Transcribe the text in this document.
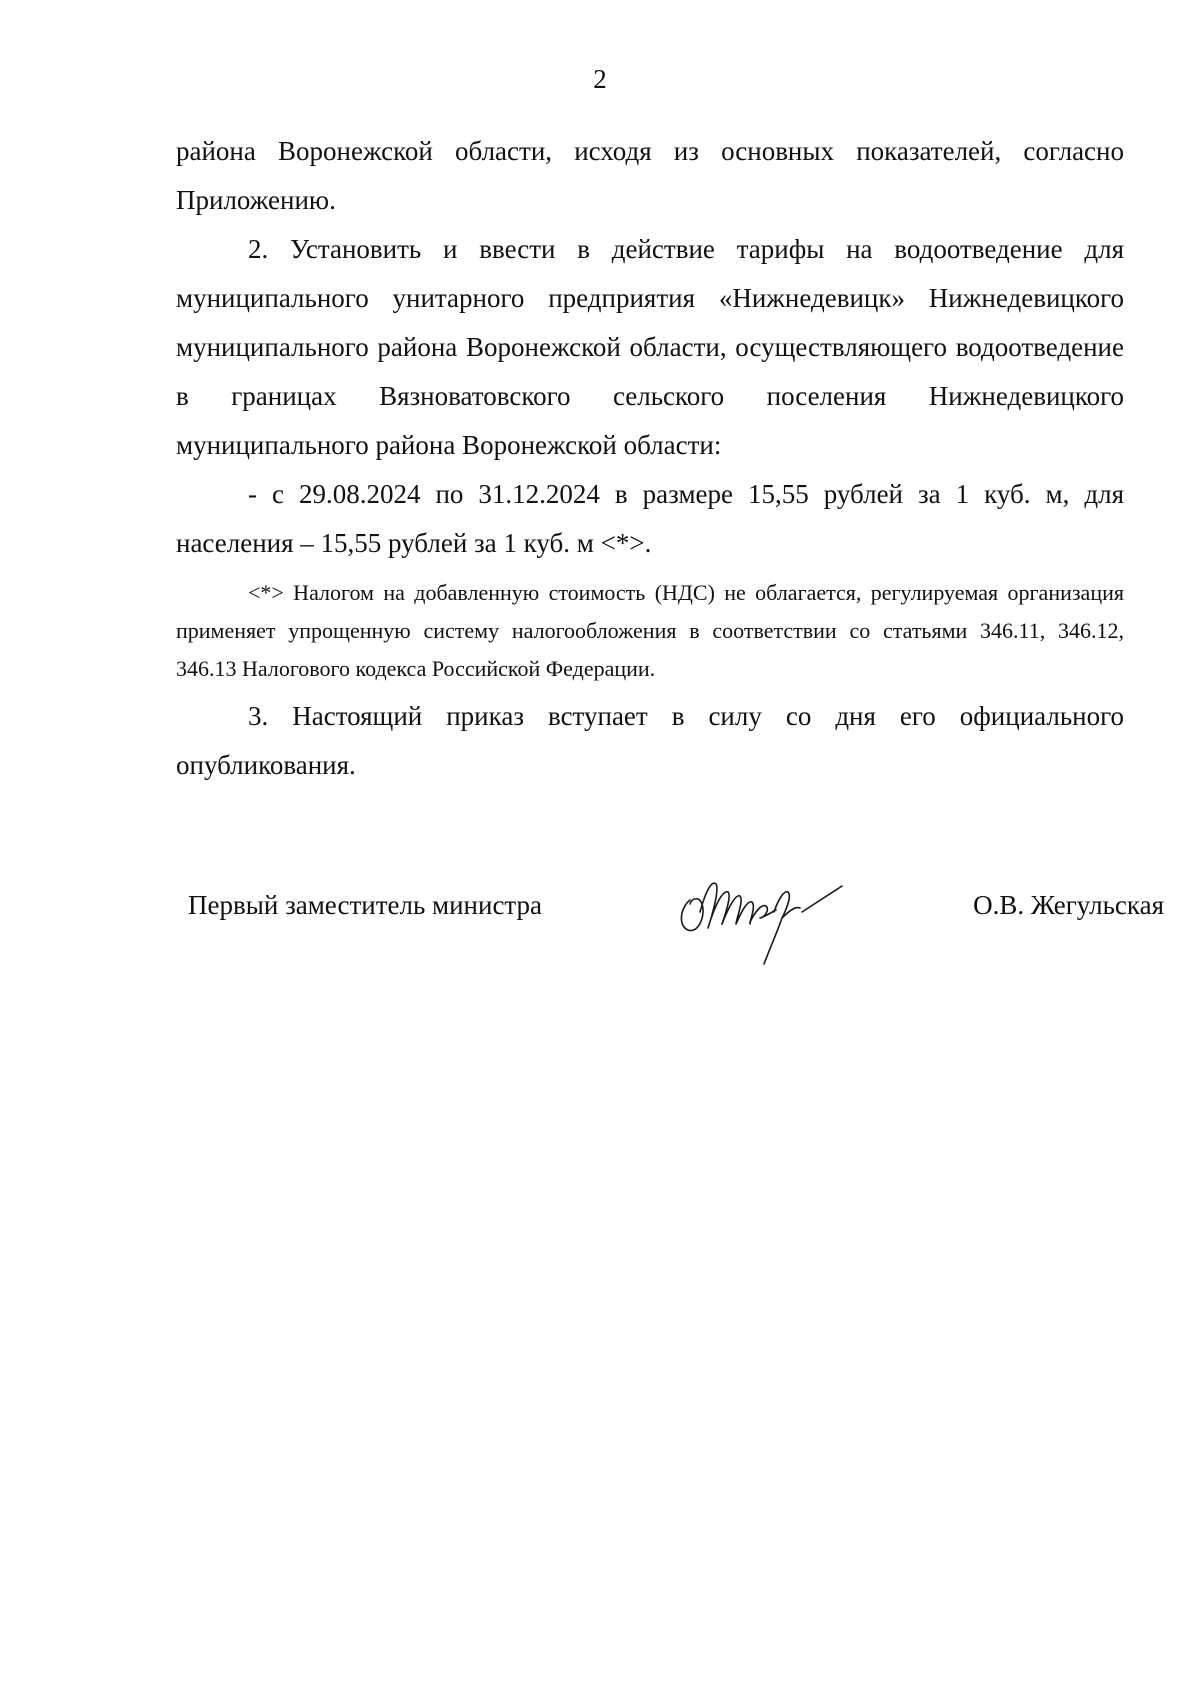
2

района Воронежской области, исходя из основных показателей, согласно Приложению.

2. Установить и ввести в действие тарифы на водоотведение для муниципального унитарного предприятия «Нижнедевицк» Нижнедевицкого муниципального района Воронежской области, осуществляющего водоотведение в границах Вязноватовского сельского поселения Нижнедевицкого муниципального района Воронежской области:

- с 29.08.2024 по 31.12.2024 в размере 15,55 рублей за 1 куб. м, для населения – 15,55 рублей за 1 куб. м <*>.

<*> Налогом на добавленную стоимость (НДС) не облагается, регулируемая организация применяет упрощенную систему налогообложения в соответствии со статьями 346.11, 346.12, 346.13 Налогового кодекса Российской Федерации.

3. Настоящий приказ вступает в силу со дня его официального опубликования.

Первый заместитель министра	О.В. Жегульская
